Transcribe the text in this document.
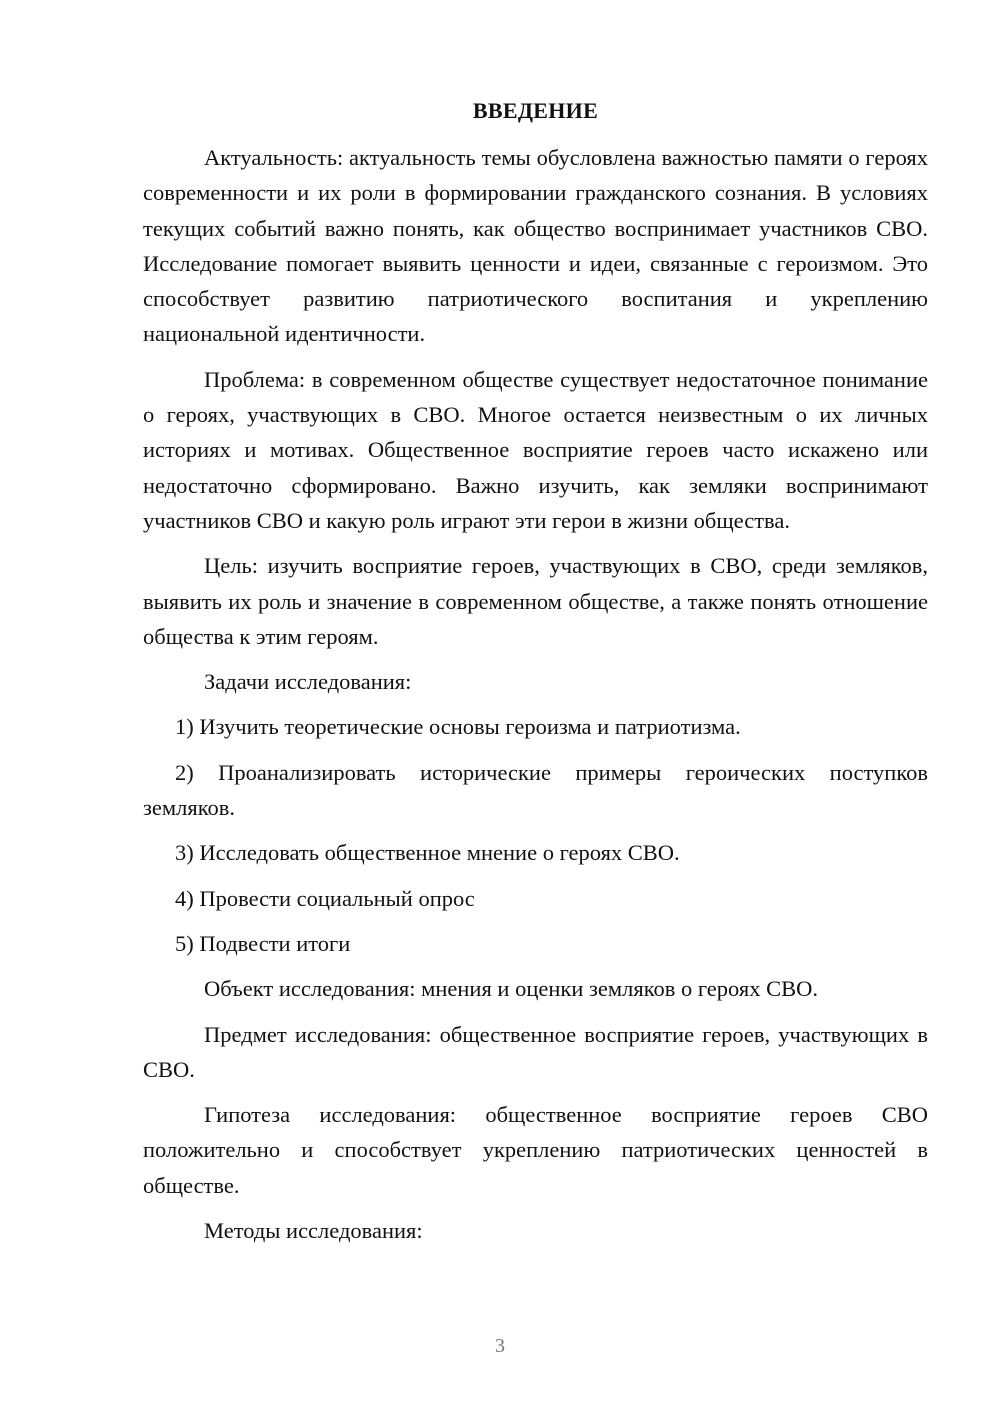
ВВЕДЕНИЕ

Актуальность: актуальность темы обусловлена важностью памяти о героях современности и их роли в формировании гражданского сознания. В условиях текущих событий важно понять, как общество воспринимает участников СВО. Исследование помогает выявить ценности и идеи, связанные с героизмом. Это способствует развитию патриотического воспитания и укреплению национальной идентичности.

Проблема: в современном обществе существует недостаточное понимание о героях, участвующих в СВО. Многое остается неизвестным о их личных историях и мотивах. Общественное восприятие героев часто искажено или недостаточно сформировано. Важно изучить, как земляки воспринимают участников СВО и какую роль играют эти герои в жизни общества.

Цель: изучить восприятие героев, участвующих в СВО, среди земляков, выявить их роль и значение в современном обществе, а также понять отношение общества к этим героям.

Задачи исследования:

1) Изучить теоретические основы героизма и патриотизма.

2) Проанализировать исторические примеры героических поступков земляков.

3) Исследовать общественное мнение о героях СВО.

4) Провести социальный опрос

5) Подвести итоги

Объект исследования: мнения и оценки земляков о героях СВО.

Предмет исследования: общественное восприятие героев, участвующих в СВО.

Гипотеза исследования: общественное восприятие героев СВО положительно и способствует укреплению патриотических ценностей в обществе.

Методы исследования:

3
